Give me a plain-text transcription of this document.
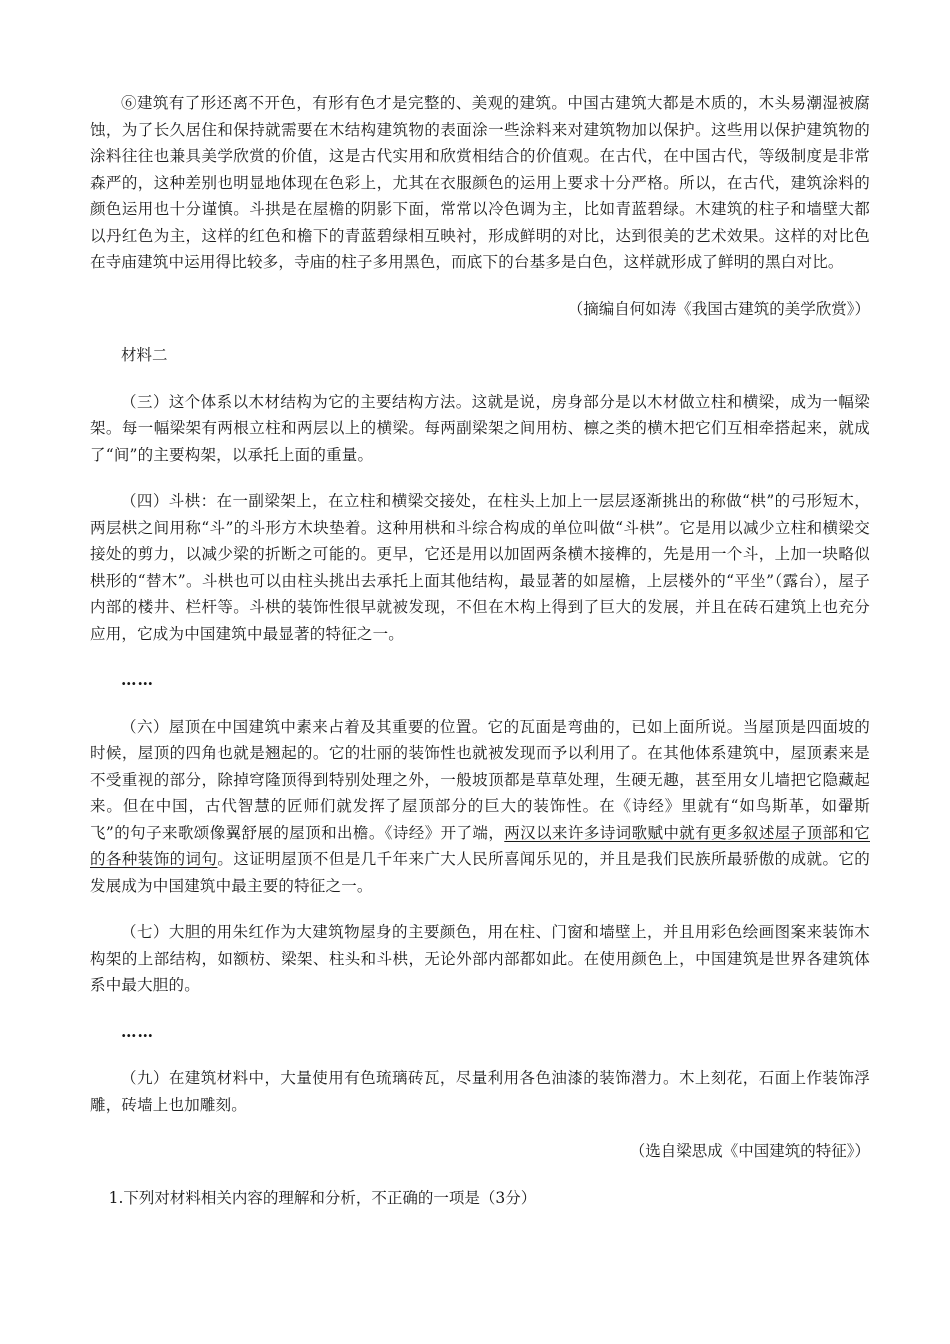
⑥建筑有了形还离不开色，有形有色才是完整的、美观的建筑。中国古建筑大都是木质的，木头易潮湿被腐蚀，为了长久居住和保持就需要在木结构建筑物的表面涂一些涂料来对建筑物加以保护。这些用以保护建筑物的涂料往往也兼具美学欣赏的价值，这是古代实用和欣赏相结合的价值观。在古代，在中国古代，等级制度是非常森严的，这种差别也明显地体现在色彩上，尤其在衣服颜色的运用上要求十分严格。所以，在古代，建筑涂料的颜色运用也十分谨慎。斗拱是在屋檐的阴影下面，常常以冷色调为主，比如青蓝碧绿。木建筑的柱子和墙壁大都以丹红色为主，这样的红色和檐下的青蓝碧绿相互映衬，形成鲜明的对比，达到很美的艺术效果。这样的对比色在寺庙建筑中运用得比较多，寺庙的柱子多用黑色，而底下的台基多是白色，这样就形成了鲜明的黑白对比。

（摘编自何如涛《我国古建筑的美学欣赏》）

材料二

（三）这个体系以木材结构为它的主要结构方法。这就是说，房身部分是以木材做立柱和横梁，成为一幅梁架。每一幅梁架有两根立柱和两层以上的横梁。每两副梁架之间用枋、檩之类的横木把它们互相牵搭起来，就成了“间”的主要构架，以承托上面的重量。

（四）斗栱：在一副梁架上，在立柱和横梁交接处，在柱头上加上一层层逐渐挑出的称做“栱”的弓形短木，两层栱之间用称“斗”的斗形方木块垫着。这种用栱和斗综合构成的单位叫做“斗栱”。它是用以减少立柱和横梁交接处的剪力，以减少梁的折断之可能的。更早，它还是用以加固两条横木接榫的，先是用一个斗，上加一块略似栱形的“替木”。斗栱也可以由柱头挑出去承托上面其他结构，最显著的如屋檐，上层楼外的“平坐”（露台），屋子内部的楼井、栏杆等。斗栱的装饰性很早就被发现，不但在木构上得到了巨大的发展，并且在砖石建筑上也充分应用，它成为中国建筑中最显著的特征之一。

……

（六）屋顶在中国建筑中素来占着及其重要的位置。它的瓦面是弯曲的，已如上面所说。当屋顶是四面坡的时候，屋顶的四角也就是翘起的。它的壮丽的装饰性也就被发现而予以利用了。在其他体系建筑中，屋顶素来是不受重视的部分，除掉穹隆顶得到特别处理之外，一般坡顶都是草草处理，生硬无趣，甚至用女儿墙把它隐藏起来。但在中国，古代智慧的匠师们就发挥了屋顶部分的巨大的装饰性。在《诗经》里就有“如鸟斯革，如翬斯飞”的句子来歌颂像翼舒展的屋顶和出檐。《诗经》开了端，两汉以来许多诗词歌赋中就有更多叙述屋子顶部和它的各种装饰的词句。这证明屋顶不但是几千年来广大人民所喜闻乐见的，并且是我们民族所最骄傲的成就。它的发展成为中国建筑中最主要的特征之一。

（七）大胆的用朱红作为大建筑物屋身的主要颜色，用在柱、门窗和墙壁上，并且用彩色绘画图案来装饰木构架的上部结构，如额枋、梁架、柱头和斗栱，无论外部内部都如此。在使用颜色上，中国建筑是世界各建筑体系中最大胆的。

……

（九）在建筑材料中，大量使用有色琉璃砖瓦，尽量利用各色油漆的装饰潜力。木上刻花，石面上作装饰浮雕，砖墙上也加雕刻。

（选自梁思成《中国建筑的特征》）

1.下列对材料相关内容的理解和分析，不正确的一项是（3分）
